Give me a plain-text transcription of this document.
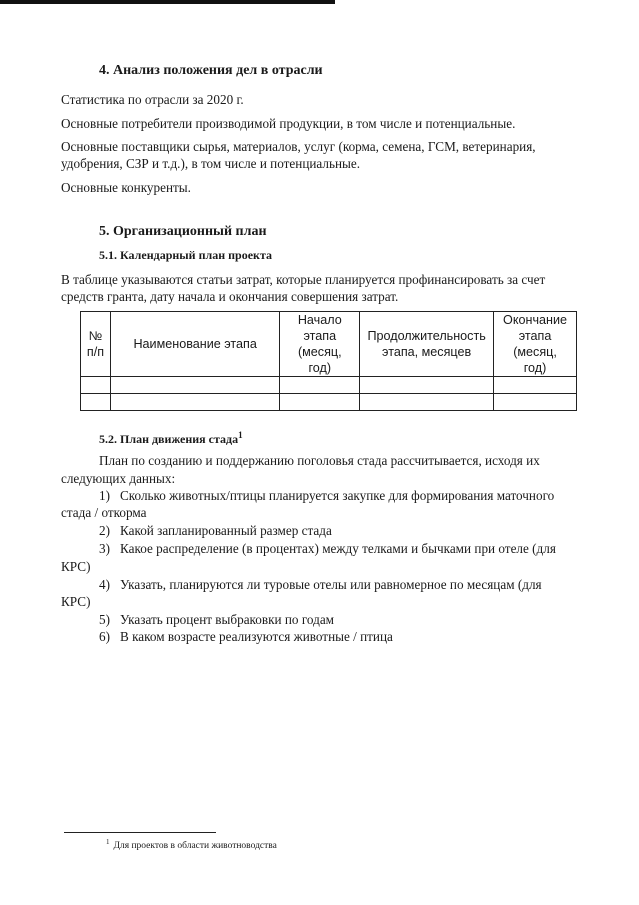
4. Анализ положения дел в отрасли
Статистика по отрасли за 2020 г.
Основные потребители производимой продукции, в том числе и потенциальные.
Основные поставщики сырья, материалов, услуг (корма, семена, ГСМ, ветеринария,
удобрения, СЗР и т.д.), в том числе и потенциальные.
Основные конкуренты.
5. Организационный план
5.1. Календарный план проекта
В таблице указываются статьи затрат, которые планируется профинансировать за счет
средств гранта, дату начала и окончания совершения затрат.
№
п/п	Наименование этапа	Начало
этапа
(месяц,
год)	Продолжительность
этапа, месяцев	Окончание
этапа
(месяц,
год)

5.2. План движения стада$^1$
План по созданию и поддержанию поголовья стада рассчитывается, исходя их
следующих данных:
1) Сколько животных/птицы планируется закупке для формирования маточного
стада / откорма
2) Какой запланированный размер стада
3) Какое распределение (в процентах) между телками и бычками при отеле (для
КРС)
4) Указать, планируются ли туровые отелы или равномерное по месяцам (для
КРС)
5) Указать процент выбраковки по годам
6) В каком возрасте реализуются животные / птица
$^1$ Для проектов в области животноводства
